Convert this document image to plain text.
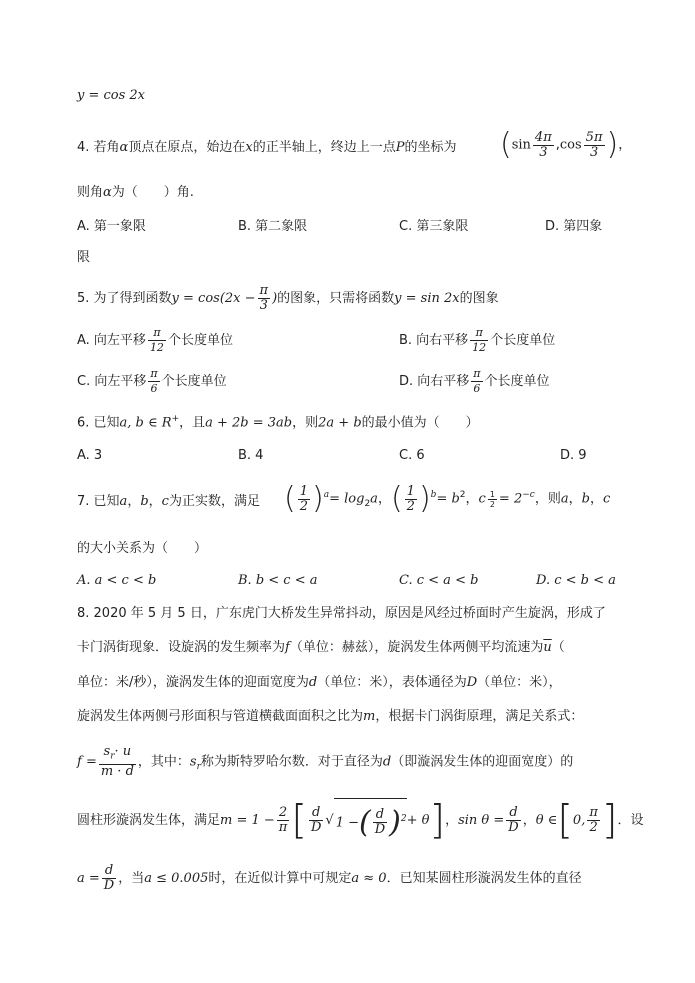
y = cos 2x
4. 若角α顶点在原点，始边在x的正半轴上，终边上一点P的坐标为 ($\sin \frac{4\pi}{3} ,\cos \frac{5\pi}{3}$ )，
则角α为（　　）角.
A. 第一象限	B. 第二象限	C. 第三象限	D. 第四象
限
5. 为了得到函数$y = \cos(2x - \frac{\pi}{3}$ )的图象，只需将函数y = sin 2x的图象
A. 向左平移 $\frac{\pi}{12}$ 个长度单位	B. 向右平移 $\frac{\pi}{12}$ 个长度单位
C. 向左平移 $\frac{\pi}{6}$ 个长度单位	D. 向右平移 $\frac{\pi}{6}$ 个长度单位
6. 已知a, b ∈ R+，且a + 2b = 3ab，则2a + b的最小值为（　　）
A. 3	B. 4	C. 6	D. 9
7. 已知a，b，c为正实数，满足 ( $\frac{1}{2} )^a= \log_2a$，( $\frac{1}{2} )^b= b^2$，c $\frac{1}{2} = 2^{-c}$，则a，b，c
的大小关系为（　　）
A. a < c < b	B. b < c < a	C. c < a < b	D. c < b < a
8. 2020 年 5 月 5 日，广东虎门大桥发生异常抖动，原因是风经过桥面时产生旋涡，形成了
卡门涡街现象．设旋涡的发生频率为f（单位：赫兹），旋涡发生体两侧平均流速为$\overline{u}$（
单位：米/秒），漩涡发生体的迎面宽度为d（单位：米），表体通径为D（单位：米），
旋涡发生体两侧弓形面积与管道横截面面积之比为m，根据卡门涡街原理，满足关系式：
$f = \frac{s_r\cdot u}{m \cdot d}$ ，其中：$s_r$称为斯特罗哈尔数．对于直径为d（即漩涡发生体的迎面宽度）的
圆柱形漩涡发生体，满足$m = 1 - \frac{2}{\pi}$ [ $\frac{d}{D}$ √ 1 −( $\frac{d}{D} )^2+ \theta$]，$\sin \theta = \frac{d}{D}$ ，θ ∈[0, $\frac{\pi}{2}$ ]．设
$a = \frac{d}{D}$ ，当a ≤ 0.005时，在近似计算中可规定a ≈ 0．已知某圆柱形漩涡发生体的直径
